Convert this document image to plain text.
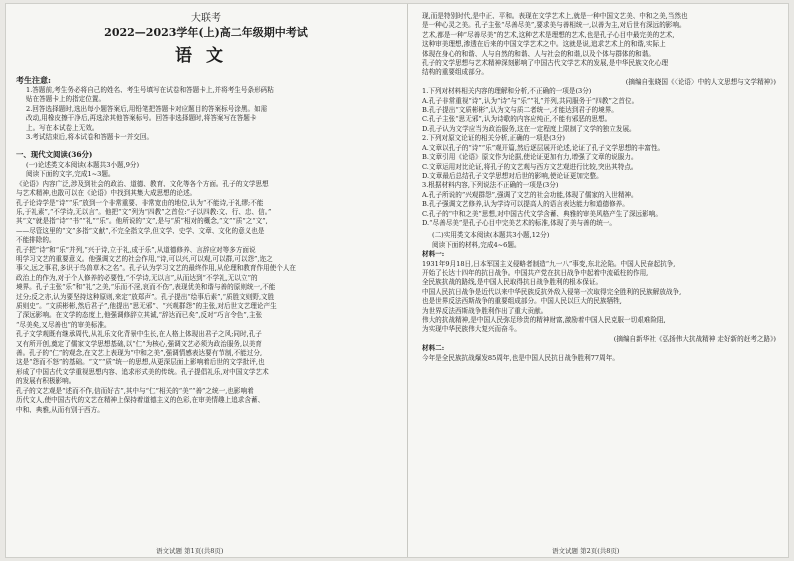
大联考
2022—2023学年(上)高二年级期中考试
语文
考生注意:
1.答题前,考生务必将自己的姓名、考生号填写在试卷和答题卡上,并将考生号条形码粘
贴在答题卡上的指定位置。
2.回答选择题时,选出每小题答案后,用铅笔把答题卡对应题目的答案标号涂黑。如需
改动,用橡皮擦干净后,再选涂其他答案标号。回答非选择题时,将答案写在答题卡
上。写在本试卷上无效。
3.考试结束后,将本试卷和答题卡一并交回。
一、现代文阅读(36分)
(一)论述类文本阅读(本题共3小题,9分)
阅读下面的文字,完成1~3题。
《论语》内容广泛,涉及到社会的政治、道德、教育、文化等各个方面。孔子的文学思想
与艺术精神,也散可以在《论语》中找到其集大成思想的论述。
孔子论诗学是“诗”“乐”放到一个非常重要、非常宽由的地位,认为“不能诗,于礼缪;不能
乐,于礼素”,“不学诗,无以言”。他把“文”列为“四教”之首位:“子以四教:文、行、忠、信。”
其“文”就是指“诗”“书”“礼”“乐”。他所说的“文”,是与“质”相对的概念,“文”“质”之“文”,
——尽管这里的“文”多指“文献”,不完全指文学,但文学、史学、文章、文化的意义也是
不能排除的。
孔子把“诗”和“乐”并列,“兴于诗,立于礼,成于乐”,从道德修养、言辞应对等多方面说
明学习文艺的重要意义。他强调文艺的社会作用,“诗,可以兴,可以观,可以群,可以怨”,迩之
事父,远之事君,多识于鸟兽草木之名”。孔子认为学习文艺的最终作用,从伦理和教育作用使个人在
政治上的作为,对于个人修养的必要性,“不学诗,无以言”,从而达到“不学礼,无以立”的
境界。孔子主张“乐”和“礼”之美,“乐而不淫,哀而不伤”,表现优美和谐与善的原则统一,不能
过分;反之亦,认为要坚持这种原则,来定“放郑声”。孔子提出“绘事后素”,“质胜文则野,文胜
质则史”。“文质彬彬,然后君子”,他提出“思无邪”、“兴观群怨”的主张,对后世文艺理论产生
了深远影响。在文学的态度上,他强调修辞立其诚,“辞达而已矣”,反对“巧言令色”,主张
“尽美矣,又尽善也”的审美标准。
孔子文学观既有继承周代,从礼乐文化背景中生长,在人格上体现出君子之风;同时,孔子
又有所开创,奠定了儒家文学思想基础,以“仁”为核心,强调文艺必须为政治服务,以美育
善。孔子的“仁”的观念,在文艺上表现为“中和之美”,强调情感表达要有节制,不能过分,
这是“怨而不怒”的基础。“文”“质”统一的思想,从更深层面上影响着后世的文学批评,也
形成了中国古代文学重视思想内容、追求形式美的传统。孔子提倡礼乐,对中国文学艺术
的发展有积极影响。
孔子的文艺观是“述而不作,信而好古”,其中与“仁”相关的“美”“善”之统一,也影响着
历代文人,使中国古代的文艺在精神上保持着道德主义的色彩,在审美情趣上追求含蓄、
中和、典雅,从而有别于西方。
语文试题 第1页(共8页)
现,而是特别时代,是中正、平和。表现在文学艺术上,就是一种中国文艺美、中和之美,当然也
是一种心灵之美。孔子主张“尽善尽美”,要求美与善相统一,以善为主,对后世有深远的影响。
艺术,都是一种“尽善尽美”的艺术,这种艺术是理想的艺术,也是孔子心目中最完美的艺术,
这种审美理想,渗透在后来的中国文学艺术之中。这就是说,追求艺术上的和谐,实际上
体现在身心的和谐、人与自然的和谐、人与社会的和谐,以及个体与群体的和谐。
孔子的文学思想与艺术精神深刻影响了中国古代文学艺术的发展,是中华民族文化心理
结构的重要组成部分。
(摘编自张晓国《〈论语〉中的人文思想与文学精神》)
1.下列对材料相关内容的理解和分析,不正确的一项是(3分)
A.孔子非常重视“诗”,认为“诗”与“乐”“礼”并列,共同服务于“四教”之首位。
B.孔子提出“文质彬彬”,认为文与质二者统一,才能达到君子的境界。
C.孔子主张“思无邪”,认为诗歌的内容应纯正,不能有邪恶的思想。
D.孔子认为文学应当为政治服务,这在一定程度上限制了文学的独立发展。
2.下列对原文论证的相关分析,正确的一项是(3分)
A.文章以孔子的“诗”“乐”观开篇,然后逐层展开论述,论证了孔子文学思想的丰富性。
B.文章引用《论语》原文作为论据,使论证更加有力,增强了文章的说服力。
C.文章运用对比论证,将孔子的文艺观与西方文艺观进行比较,突出其特点。
D.文章最后总结孔子文学思想对后世的影响,使论证更加完整。
3.根据材料内容,下列说法不正确的一项是(3分)
A.孔子所说的“兴观群怨”,强调了文艺的社会功能,体现了儒家的入世精神。
B.孔子强调文艺修养,认为学诗可以提高人的语言表达能力和道德修养。
C.孔子的“中和之美”思想,对中国古代文学含蓄、典雅的审美风格产生了深远影响。
D.“尽善尽美”是孔子心目中完美艺术的标准,体现了美与善的统一。
(二)实用类文本阅读(本题共3小题,12分)
阅读下面的材料,完成4~6题。
材料一:
1931年9月18日,日本军国主义侵略者制造“九一八”事变,东北沦陷。中国人民奋起抗争,
开始了长达十四年的抗日战争。中国共产党在抗日战争中起着中流砥柱的作用,
全民族抗战的路线,是中国人民取得抗日战争胜利的根本保证。
中国人民抗日战争是近代以来中华民族反抗外敌入侵第一次取得完全胜利的民族解放战争,
也是世界反法西斯战争的重要组成部分。中国人民以巨大的民族牺牲,
为世界反法西斯战争胜利作出了重大贡献。
伟大的抗战精神,是中国人民弥足珍贵的精神财富,激励着中国人民克服一切艰难险阻,
为实现中华民族伟大复兴而奋斗。
(摘编自新华社《弘扬伟大抗战精神 走好新的赶考之路》)
材料二:
今年是全民族抗战爆发85周年,也是中国人民抗日战争胜利77周年。
语文试题 第2页(共8页)
